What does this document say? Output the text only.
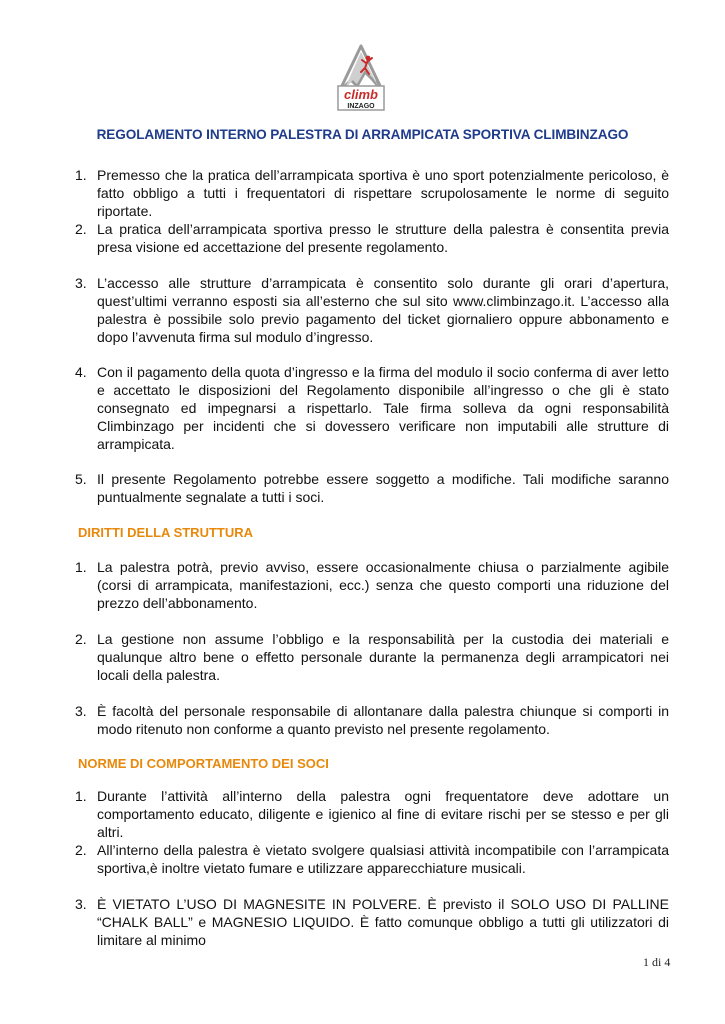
climb
INZAGO
REGOLAMENTO INTERNO PALESTRA DI ARRAMPICATA SPORTIVA CLIMBINZAGO
1. Premesso che la pratica dell’arrampicata sportiva è uno sport potenzialmente pericoloso, è fatto obbligo a tutti i frequentatori di rispettare scrupolosamente le norme di seguito riportate.
2. La pratica dell’arrampicata sportiva presso le strutture della palestra è consentita previa presa visione ed accettazione del presente regolamento.
3. L’accesso alle strutture d’arrampicata è consentito solo durante gli orari d’apertura, quest’ultimi verranno esposti sia all’esterno che sul sito www.climbinzago.it. L’accesso alla palestra è possibile solo previo pagamento del ticket giornaliero oppure abbonamento e dopo l’avvenuta firma sul modulo d’ingresso.
4. Con il pagamento della quota d’ingresso e la firma del modulo il socio conferma di aver letto e accettato le disposizioni del Regolamento disponibile all’ingresso o che gli è stato consegnato ed impegnarsi a rispettarlo. Tale firma solleva da ogni responsabilità Climbinzago per incidenti che si dovessero verificare non imputabili alle strutture di arrampicata.
5. Il presente Regolamento potrebbe essere soggetto a modifiche. Tali modifiche saranno puntualmente segnalate a tutti i soci.
DIRITTI DELLA STRUTTURA
1. La palestra potrà, previo avviso, essere occasionalmente chiusa o parzialmente agibile (corsi di arrampicata, manifestazioni, ecc.) senza che questo comporti una riduzione del prezzo dell’abbonamento.
2. La gestione non assume l’obbligo e la responsabilità per la custodia dei materiali e qualunque altro bene o effetto personale durante la permanenza degli arrampicatori nei locali della palestra.
3. È facoltà del personale responsabile di allontanare dalla palestra chiunque si comporti in modo ritenuto non conforme a quanto previsto nel presente regolamento.
NORME DI COMPORTAMENTO DEI SOCI
1. Durante l’attività all’interno della palestra ogni frequentatore deve adottare un comportamento educato, diligente e igienico al fine di evitare rischi per se stesso e per gli altri.
2. All’interno della palestra è vietato svolgere qualsiasi attività incompatibile con l’arrampicata sportiva,è inoltre vietato fumare e utilizzare apparecchiature musicali.
3. È VIETATO L’USO DI MAGNESITE IN POLVERE. È previsto il SOLO USO DI PALLINE “CHALK BALL” e MAGNESIO LIQUIDO. È fatto comunque obbligo a tutti gli utilizzatori di limitare al minimo
1 di 4
